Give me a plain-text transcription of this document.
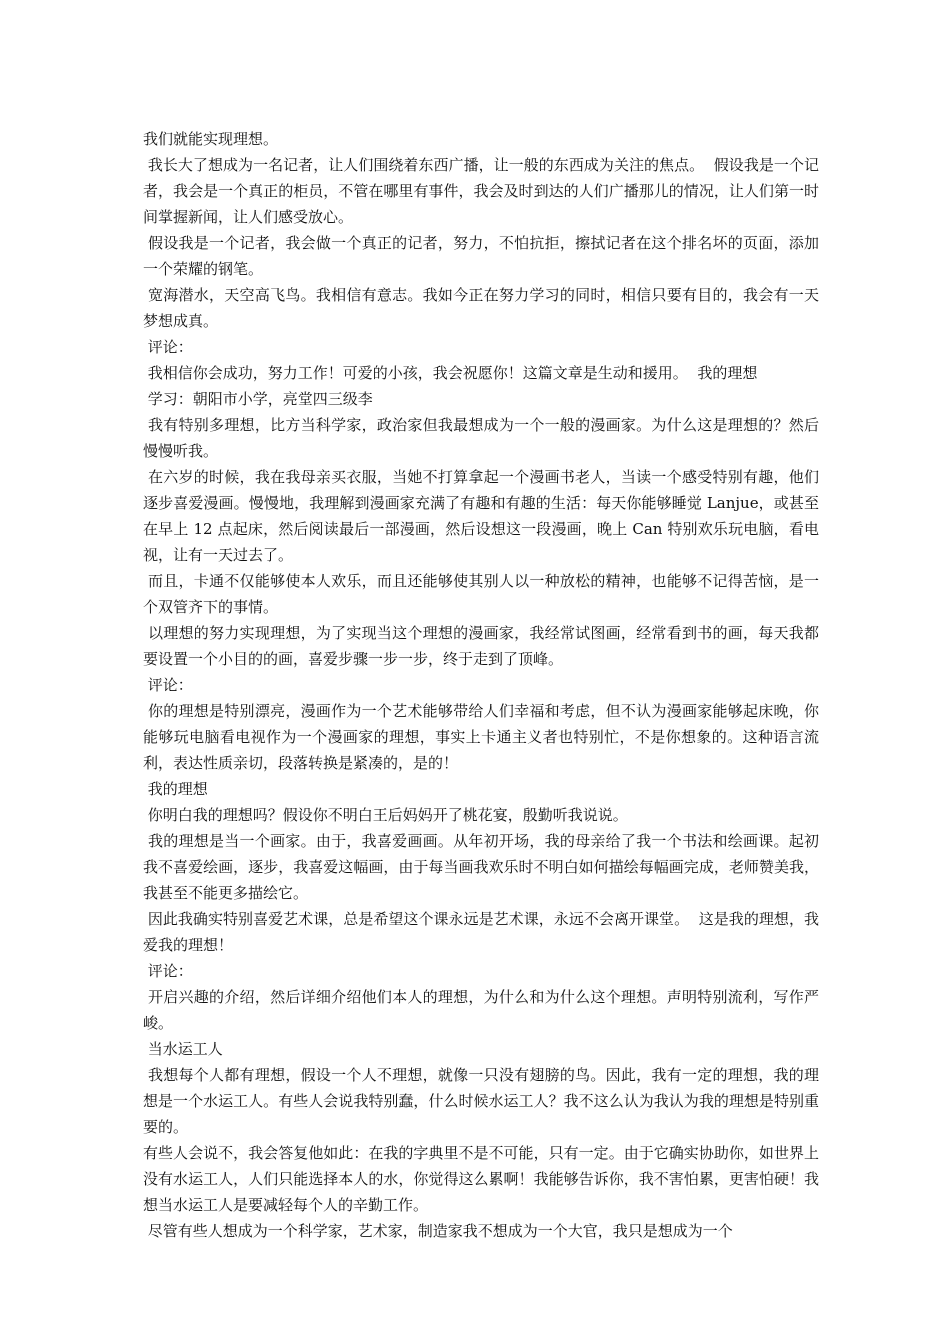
我们就能实现理想。

我长大了想成为一名记者，让人们围绕着东西广播，让一般的东西成为关注的焦点。  假设我是一个记者，我会是一个真正的柜员，不管在哪里有事件，我会及时到达的人们广播那儿的情况，让人们第一时间掌握新闻，让人们感受放心。

假设我是一个记者，我会做一个真正的记者，努力，不怕抗拒，擦拭记者在这个排名坏的页面，添加一个荣耀的钢笔。

宽海潜水，天空高飞鸟。我相信有意志。我如今正在努力学习的同时，相信只要有目的，我会有一天梦想成真。

评论：

我相信你会成功，努力工作！可爱的小孩，我会祝愿你！这篇文章是生动和援用。  我的理想

学习：朝阳市小学，亮堂四三级李

我有特别多理想，比方当科学家，政治家但我最想成为一个一般的漫画家。为什么这是理想的？然后慢慢听我。

在六岁的时候，我在我母亲买衣服，当她不打算拿起一个漫画书老人，当读一个感受特别有趣，他们逐步喜爱漫画。慢慢地，我理解到漫画家充满了有趣和有趣的生活：每天你能够睡觉 Lanjue，或甚至在早上 12 点起床，然后阅读最后一部漫画，然后设想这一段漫画，晚上 Can 特别欢乐玩电脑，看电视，让有一天过去了。

而且，卡通不仅能够使本人欢乐，而且还能够使其别人以一种放松的精神，也能够不记得苦恼，是一个双管齐下的事情。

以理想的努力实现理想，为了实现当这个理想的漫画家，我经常试图画，经常看到书的画，每天我都要设置一个小目的的画，喜爱步骤一步一步，终于走到了顶峰。

评论：

你的理想是特别漂亮，漫画作为一个艺术能够带给人们幸福和考虑，但不认为漫画家能够起床晚，你能够玩电脑看电视作为一个漫画家的理想，事实上卡通主义者也特别忙，不是你想象的。这种语言流利，表达性质亲切，段落转换是紧凑的，是的！

我的理想

你明白我的理想吗？假设你不明白王后妈妈开了桃花宴，殷勤听我说说。

我的理想是当一个画家。由于，我喜爱画画。从年初开场，我的母亲给了我一个书法和绘画课。起初我不喜爱绘画，逐步，我喜爱这幅画，由于每当画我欢乐时不明白如何描绘每幅画完成，老师赞美我，我甚至不能更多描绘它。

因此我确实特别喜爱艺术课，总是希望这个课永远是艺术课，永远不会离开课堂。  这是我的理想，我爱我的理想！

评论：

开启兴趣的介绍，然后详细介绍他们本人的理想，为什么和为什么这个理想。声明特别流利，写作严峻。

当水运工人

我想每个人都有理想，假设一个人不理想，就像一只没有翅膀的鸟。因此，我有一定的理想，我的理想是一个水运工人。有些人会说我特别蠢，什么时候水运工人？我不这么认为我认为我的理想是特别重要的。

有些人会说不，我会答复他如此：在我的字典里不是不可能，只有一定。由于它确实协助你，如世界上没有水运工人，人们只能选择本人的水，你觉得这么累啊！我能够告诉你，我不害怕累，更害怕硬！我想当水运工人是要减轻每个人的辛勤工作。

尽管有些人想成为一个科学家，艺术家，制造家我不想成为一个大官，我只是想成为一个
